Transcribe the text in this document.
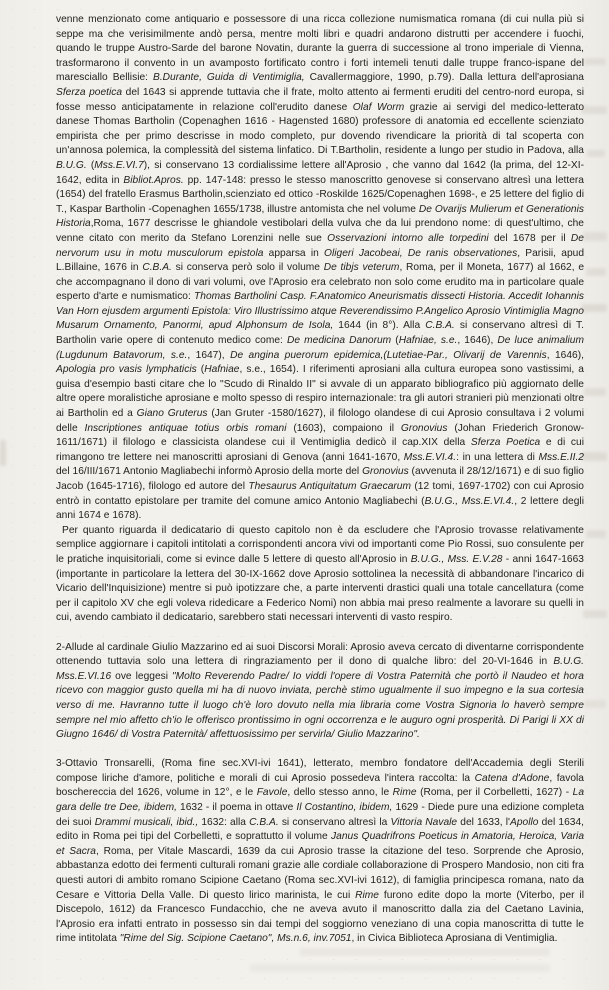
venne menzionato come antiquario e possessore di una ricca collezione numismatica romana (di cui nulla più si seppe ma che verisimilmente andò persa, mentre molti libri e quadri andarono distrutti per accendere i fuochi, quando le truppe Austro-Sarde del barone Novatin, durante la guerra di successione al trono imperiale di Vienna, trasformarono il convento in un avamposto fortificato contro i forti intemeli tenuti dalle truppe franco-ispane del maresciallo Bellisie: B.Durante, Guida di Ventimiglia, Cavallermaggiore, 1990, p.79). Dalla lettura dell'aprosiana Sferza poetica del 1643 si apprende tuttavia che il frate, molto attento ai fermenti eruditi del centro-nord europa, si fosse messo anticipatamente in relazione coll'erudito danese Olaf Worm grazie ai servigi del medico-letterato danese Thomas Bartholin (Copenaghen 1616 - Hagensted 1680) professore di anatomia ed eccellente scienziato empirista che per primo descrisse in modo completo, pur dovendo rivendicare la priorità di tal scoperta con un'annosa polemica, la complessità del sistema linfatico. Di T.Bartholin, residente a lungo per studio in Padova, alla B.U.G. (Mss.E.VI.7), si conservano 13 cordialissime lettere all'Aprosio , che vanno dal 1642 (la prima, del 12-XI-1642, edita in Bibliot.Apros. pp. 147-148: presso le stesso manoscritto genovese si conservano altresì una lettera (1654) del fratello Erasmus Bartholin,scienziato ed ottico -Roskilde 1625/Copenaghen 1698-, e 25 lettere del figlio di T., Kaspar Bartholin -Copenaghen 1655/1738, illustre antomista che nel volume De Ovarijs Mulierum et Generationis Historia,Roma, 1677 descrisse le ghiandole vestibolari della vulva che da lui prendono nome: di quest'ultimo, che venne citato con merito da Stefano Lorenzini nelle sue Osservazioni intorno alle torpedini del 1678 per il De nervorum usu in motu musculorum epistola apparsa in Oligeri Jacobeai, De ranis observationes, Parisii, apud L.Billaine, 1676 in C.B.A. si conserva però solo il volume De tibjs veterum, Roma, per il Moneta, 1677) al 1662, e che accompagnano il dono di vari volumi, ove l'Aprosio era celebrato non solo come erudito ma in particolare quale esperto d'arte e numismatico: Thomas Bartholini Casp. F.Anatomico Aneurismatis dissecti Historia. Accedit Iohannis Van Horn ejusdem argumenti Epistola: Viro Illustrissimo atque Reverendissimo P.Angelico Aprosio Vintimiglia Magno Musarum Ornamento, Panormi, apud Alphonsum de Isola, 1644 (in 8°). Alla C.B.A. si conservano altresì di T. Bartholin varie opere di contenuto medico come: De medicina Danorum (Hafniae, s.e., 1646), De luce animalium (Lugdunum Batavorum, s.e., 1647), De angina puerorum epidemica,(Lutetiae-Par., Olivarij de Varennis, 1646), Apologia pro vasis lymphaticis (Hafniae, s.e., 1654). I riferimenti aprosiani alla cultura europea sono vastissimi, a guisa d'esempio basti citare che lo "Scudo di Rinaldo II" si avvale di un apparato bibliografico più aggiornato delle altre opere moralistiche aprosiane e molto spesso di respiro internazionale: tra gli autori stranieri più menzionati oltre ai Bartholin ed a Giano Gruterus (Jan Gruter -1580/1627), il filologo olandese di cui Aprosio consultava i 2 volumi delle Inscriptiones antiquae totius orbis romani (1603), compaiono il Gronovius (Johan Friederich Gronow-1611/1671) il filologo e classicista olandese cui il Ventimiglia dedicò il cap.XIX della Sferza Poetica e di cui rimangono tre lettere nei manoscritti aprosiani di Genova (anni 1641-1670, Mss.E.VI.4.: in una lettera di Mss.E.II.2 del 16/III/1671 Antonio Magliabechi informò Aprosio della morte del Gronovius (avvenuta il 28/12/1671) e di suo figlio Jacob (1645-1716), filologo ed autore del Thesaurus Antiquitatum Graecarum (12 tomi, 1697-1702) con cui Aprosio entrò in contatto epistolare per tramite del comune amico Antonio Magliabechi (B.U.G., Mss.E.VI.4., 2 lettere degli anni 1674 e 1678).

Per quanto riguarda il dedicatario di questo capitolo non è da escludere che l'Aprosio trovasse relativamente semplice aggiornare i capitoli intitolati a corrispondenti ancora vivi od importanti come Pio Rossi, suo consulente per le pratiche inquisitoriali, come si evince dalle 5 lettere di questo all'Aprosio in B.U.G., Mss. E.V.28 - anni 1647-1663 (importante in particolare la lettera del 30-IX-1662 dove Aprosio sottolinea la necessità di abbandonare l'incarico di Vicario dell'Inquisizione) mentre si può ipotizzare che, a parte interventi drastici quali una totale cancellatura (come per il capitolo XV che egli voleva ridedicare a Federico Nomi) non abbia mai preso realmente a lavorare su quelli in cui, avendo cambiato il dedicatario, sarebbero stati necessari interventi di vasto respiro.

2-Allude al cardinale Giulio Mazzarino ed ai suoi Discorsi Morali: Aprosio aveva cercato di diventarne corrispondente ottenendo tuttavia solo una lettera di ringraziamento per il dono di qualche libro: del 20-VI-1646 in B.U.G. Mss.E.VI.16 ove leggesi "Molto Reverendo Padre/ Io viddi l'opere di Vostra Paternità che portò il Naudeo et hora ricevo con maggior gusto quella mi ha di nuovo inviata, perchè stimo ugualmente il suo impegno e la sua cortesia verso di me. Havranno tutte il luogo ch'è loro dovuto nella mia libraria come Vostra Signoria lo haverò sempre sempre nel mio affetto ch'io le offerisco prontissimo in ogni occorrenza e le auguro ogni prosperità. Di Parigi li XX di Giugno 1646/ di Vostra Paternità/ affettuosissimo per servirla/ Giulio Mazzarino".

3-Ottavio Tronsarelli, (Roma fine sec.XVI-ivi 1641), letterato, membro fondatore dell'Accademia degli Sterili compose liriche d'amore, politiche e morali di cui Aprosio possedeva l'intera raccolta: la Catena d'Adone, favola boschereccia del 1626, volume in 12°, e le Favole, dello stesso anno, le Rime (Roma, per il Corbelletti, 1627) - La gara delle tre Dee, ibidem, 1632 - il poema in ottave Il Costantino, ibidem, 1629 - Diede pure una edizione completa dei suoi Drammi musicali, ibid., 1632: alla C.B.A. si conservano altresì la Vittoria Navale del 1633, l'Apollo del 1634, edito in Roma pei tipi del Corbelletti, e soprattutto il volume Janus Quadrifrons Poeticus in Amatoria, Heroica, Varia et Sacra, Roma, per Vitale Mascardi, 1639 da cui Aprosio trasse la citazione del teso. Sorprende che Aprosio, abbastanza edotto dei fermenti culturali romani grazie alle cordiale collaborazione di Prospero Mandosio, non citi fra questi autori di ambito romano Scipione Caetano (Roma sec.XVI-ivi 1612), di famiglia principesca romana, nato da Cesare e Vittoria Della Valle. Di questo lirico marinista, le cui Rime furono edite dopo la morte (Viterbo, per il Discepolo, 1612) da Francesco Fundacchio, che ne aveva avuto il manoscritto dalla zia del Caetano Lavinia, l'Aprosio era infatti entrato in possesso sin dai tempi del soggiorno veneziano di una copia manoscritta di tutte le rime intitolata "Rime del Sig. Scipione Caetano", Ms.n.6, inv.7051, in Civica Biblioteca Aprosiana di Ventimiglia.
